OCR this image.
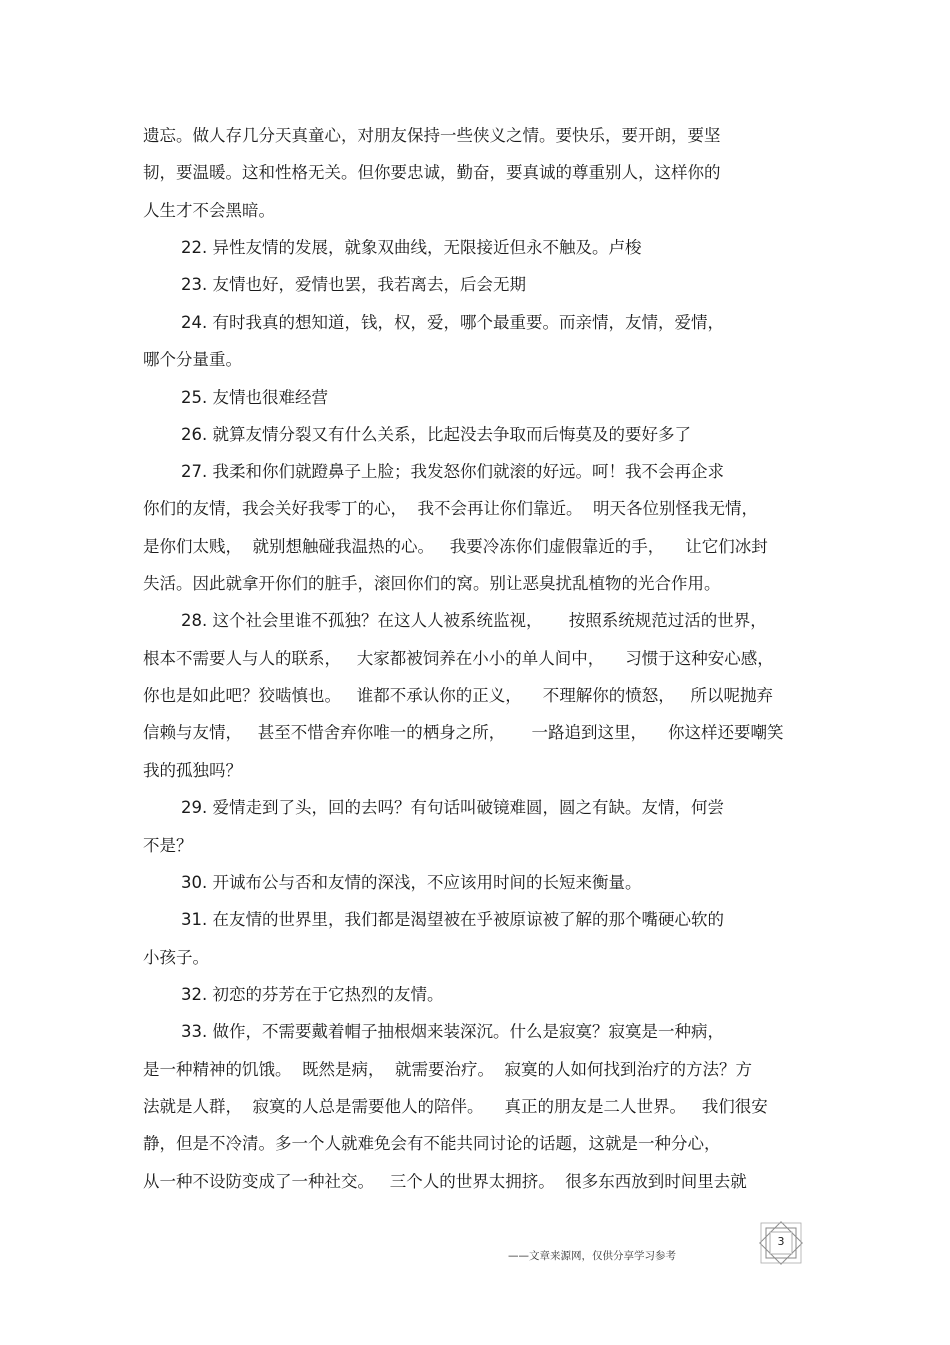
遗忘。做人存几分天真童心，对朋友保持一些侠义之情。要快乐，要开朗，要坚
韧，要温暖。这和性格无关。但你要忠诚，勤奋，要真诚的尊重别人，这样你的
人生才不会黑暗。
22. 异性友情的发展，就象双曲线，无限接近但永不触及。卢梭
23. 友情也好，爱情也罢，我若离去，后会无期
24. 有时我真的想知道，钱，权，爱，哪个最重要。而亲情，友情，爱情，
哪个分量重。
25. 友情也很难经营
26. 就算友情分裂又有什么关系，比起没去争取而后悔莫及的要好多了
27. 我柔和你们就蹬鼻子上脸；我发怒你们就滚的好远。呵！我不会再企求
你们的友情，我会关好我零丁的心，  我不会再让你们靠近。  明天各位别怪我无情，
是你们太贱，  就别想触碰我温热的心。   我要冷冻你们虚假靠近的手，    让它们冰封
失活。因此就拿开你们的脏手，滚回你们的窝。别让恶臭扰乱植物的光合作用。
28. 这个社会里谁不孤独？在这人人被系统监视，     按照系统规范过活的世界，
根本不需要人与人的联系，   大家都被饲养在小小的单人间中，    习惯于这种安心感，
你也是如此吧？狡啮慎也。   谁都不承认你的正义，    不理解你的愤怒，   所以呢抛弃
信赖与友情，   甚至不惜舍弃你唯一的栖身之所，     一路追到这里，    你这样还要嘲笑
我的孤独吗？
29. 爱情走到了头，回的去吗？有句话叫破镜难圆，圆之有缺。友情，何尝
不是？
30. 开诚布公与否和友情的深浅，不应该用时间的长短来衡量。
31. 在友情的世界里，我们都是渴望被在乎被原谅被了解的那个嘴硬心软的
小孩子。
32. 初恋的芬芳在于它热烈的友情。
33. 做作，不需要戴着帽子抽根烟来装深沉。什么是寂寞？寂寞是一种病，
是一种精神的饥饿。  既然是病，  就需要治疗。  寂寞的人如何找到治疗的方法？方
法就是人群，  寂寞的人总是需要他人的陪伴。    真正的朋友是二人世界。   我们很安
静，但是不冷清。多一个人就难免会有不能共同讨论的话题，这就是一种分心，
从一种不设防变成了一种社交。   三个人的世界太拥挤。  很多东西放到时间里去就
——文章来源网，仅供分享学习参考
3
